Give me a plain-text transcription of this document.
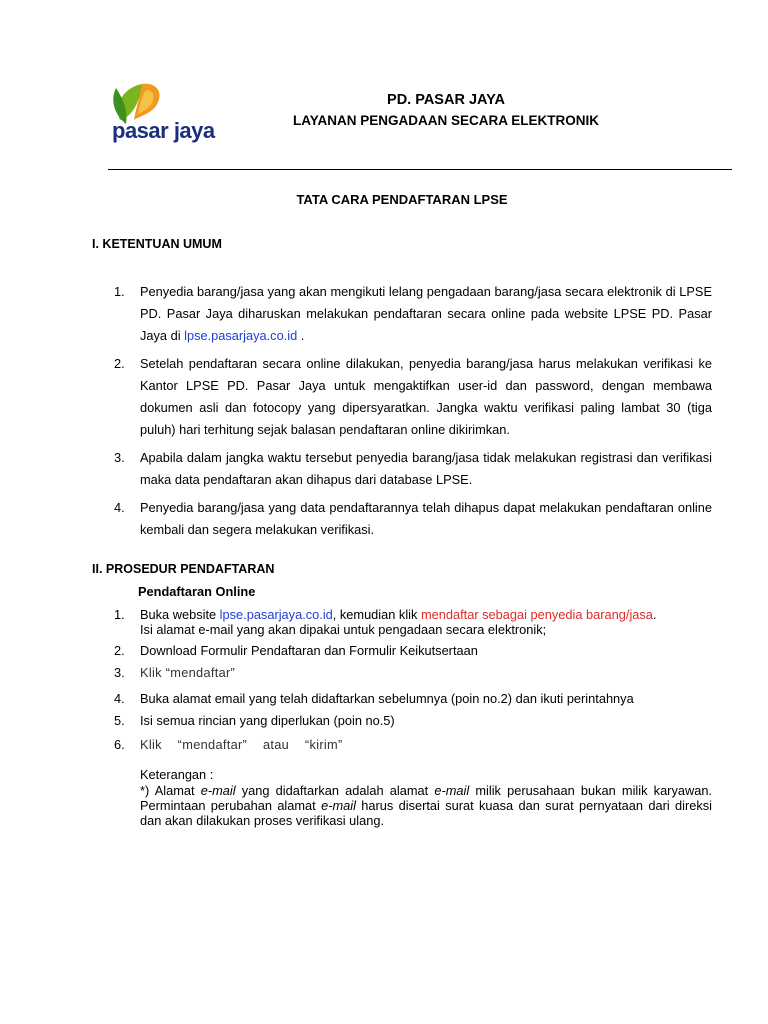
pasar jaya
PD. PASAR JAYA
LAYANAN PENGADAAN SECARA ELEKTRONIK
TATA CARA PENDAFTARAN LPSE
I. KETENTUAN UMUM
1.	Penyedia barang/jasa yang akan mengikuti lelang pengadaan barang/jasa secara elektronik di LPSE PD. Pasar Jaya diharuskan melakukan pendaftaran secara online pada website LPSE PD. Pasar Jaya di lpse.pasarjaya.co.id .
2.	Setelah pendaftaran secara online dilakukan, penyedia barang/jasa harus melakukan verifikasi ke Kantor LPSE PD. Pasar Jaya untuk mengaktifkan user-id dan password, dengan membawa dokumen asli dan fotocopy yang dipersyaratkan. Jangka waktu verifikasi paling lambat 30 (tiga puluh) hari terhitung sejak balasan pendaftaran online dikirimkan.
3.	Apabila dalam jangka waktu tersebut penyedia barang/jasa tidak melakukan registrasi dan verifikasi maka data pendaftaran akan dihapus dari database LPSE.
4.	Penyedia barang/jasa yang data pendaftarannya telah dihapus dapat melakukan pendaftaran online kembali dan segera melakukan verifikasi.
II. PROSEDUR PENDAFTARAN
Pendaftaran Online
1.	Buka website lpse.pasarjaya.co.id, kemudian klik mendaftar sebagai penyedia barang/jasa.
Isi alamat e-mail yang akan dipakai untuk pengadaan secara elektronik;
2.	Download Formulir Pendaftaran dan Formulir Keikutsertaan
3.	Klik “mendaftar”
4.	Buka alamat email yang telah didaftarkan sebelumnya (poin no.2) dan ikuti perintahnya
5.	Isi semua rincian yang diperlukan (poin no.5)
6.	Klik “mendaftar” atau “kirim”
Keterangan :
*) Alamat e-mail yang didaftarkan adalah alamat e-mail milik perusahaan bukan milik karyawan. Permintaan perubahan alamat e-mail harus disertai surat kuasa dan surat pernyataan dari direksi dan akan dilakukan proses verifikasi ulang.
